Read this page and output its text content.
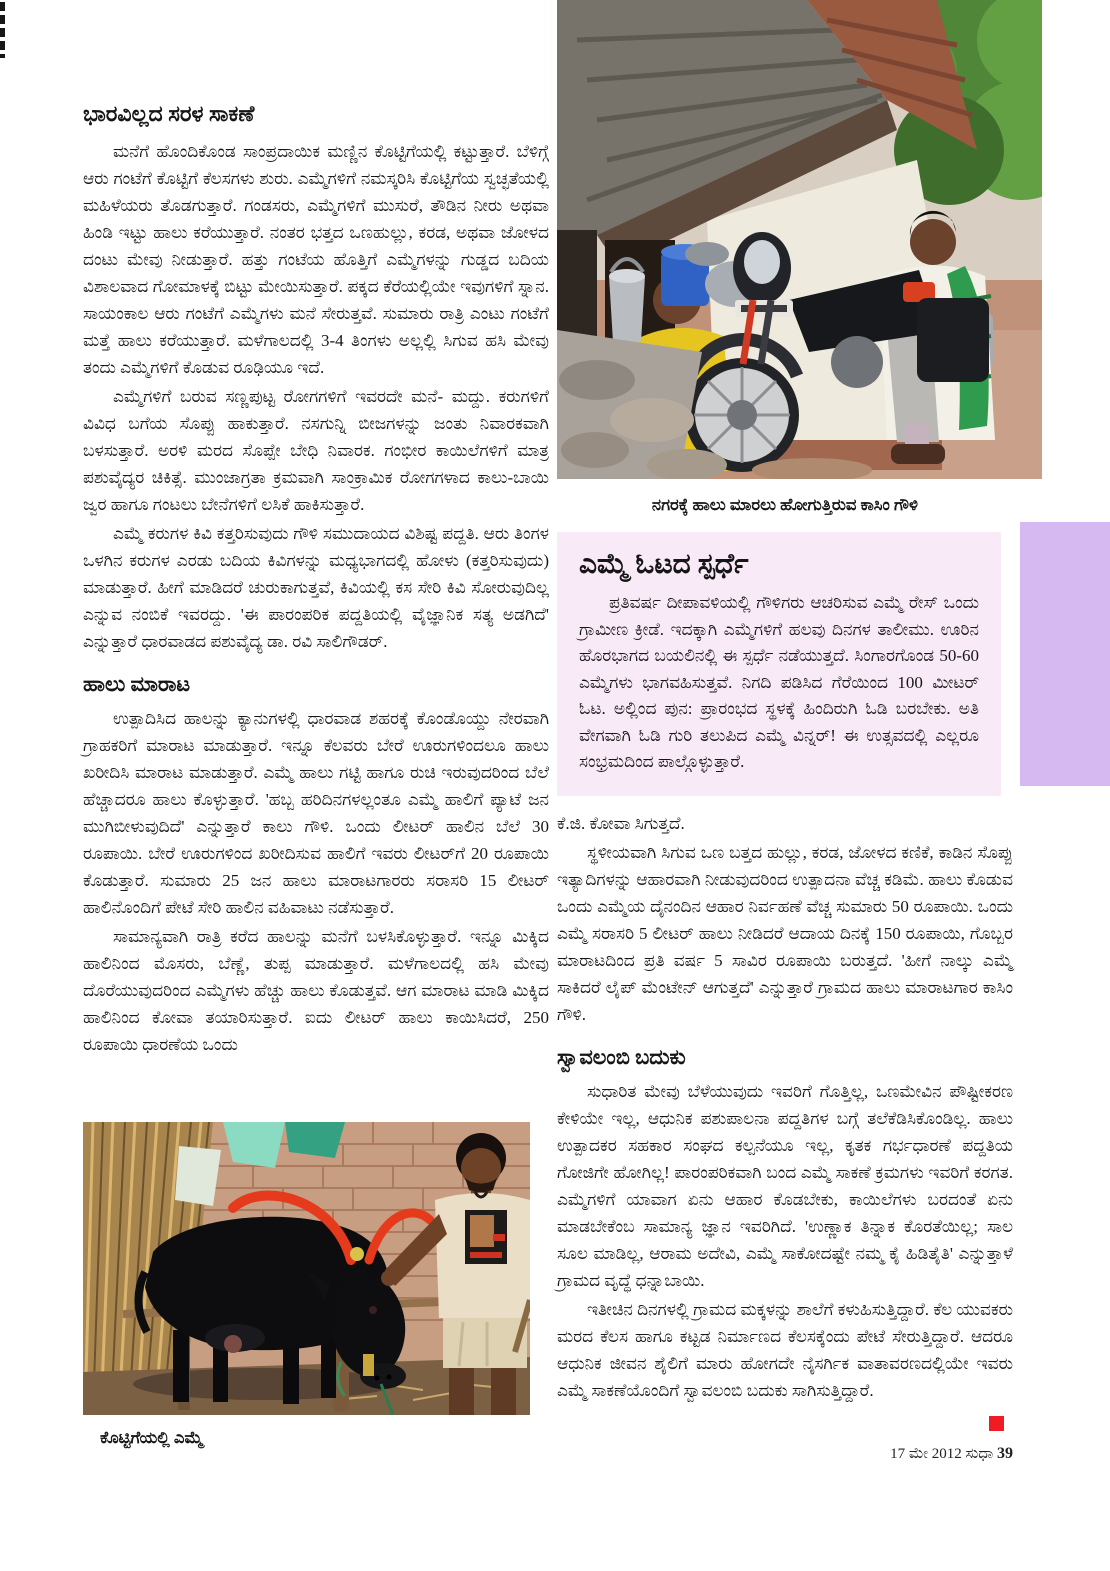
ನಗರಕ್ಕೆ ಹಾಲು ಮಾರಲು ಹೋಗುತ್ತಿರುವ ಕಾಸಿಂ ಗೌಳಿ
ಎಮ್ಮೆ ಓಟದ ಸ್ಪರ್ಧೆ

ಪ್ರತಿವರ್ಷ ದೀಪಾವಳಿಯಲ್ಲಿ ಗೌಳಿಗರು ಆಚರಿಸುವ ಎಮ್ಮೆ ರೇಸ್ ಒಂದು ಗ್ರಾಮೀಣ ಕ್ರೀಡೆ. ಇದಕ್ಕಾಗಿ ಎಮ್ಮೆಗಳಿಗೆ ಹಲವು ದಿನಗಳ ತಾಲೀಮು. ಊರಿನ ಹೊರಭಾಗದ ಬಯಲಿನಲ್ಲಿ ಈ ಸ್ಪರ್ಧೆ ನಡೆಯುತ್ತದೆ. ಸಿಂಗಾರಗೊಂಡ 50-60 ಎಮ್ಮೆಗಳು ಭಾಗವಹಿಸುತ್ತವೆ. ನಿಗದಿ ಪಡಿಸಿದ ಗೆರೆಯಿಂದ 100 ಮೀಟರ್ ಓಟ. ಅಲ್ಲಿಂದ ಪುನ: ಪ್ರಾರಂಭದ ಸ್ಥಳಕ್ಕೆ ಹಿಂದಿರುಗಿ ಓಡಿ ಬರಬೇಕು. ಅತಿ ವೇಗವಾಗಿ ಓಡಿ ಗುರಿ ತಲುಪಿದ ಎಮ್ಮೆ ವಿನ್ನರ್! ಈ ಉತ್ಸವದಲ್ಲಿ ಎಲ್ಲರೂ ಸಂಭ್ರಮದಿಂದ ಪಾಲ್ಗೊಳ್ಳುತ್ತಾರೆ.

ಕೆ.ಜಿ. ಕೋವಾ ಸಿಗುತ್ತದೆ.

ಸ್ಥಳೀಯವಾಗಿ ಸಿಗುವ ಒಣ ಬತ್ತದ ಹುಲ್ಲು, ಕರಡ, ಜೋಳದ ಕಣಿಕೆ, ಕಾಡಿನ ಸೊಪ್ಪು ಇತ್ಯಾದಿಗಳನ್ನು ಆಹಾರವಾಗಿ ನೀಡುವುದರಿಂದ ಉತ್ಪಾದನಾ ವೆಚ್ಚ ಕಡಿಮೆ. ಹಾಲು ಕೊಡುವ ಒಂದು ಎಮ್ಮೆಯ ದೈನಂದಿನ ಆಹಾರ ನಿರ್ವಹಣೆ ವೆಚ್ಚ ಸುಮಾರು 50 ರೂಪಾಯಿ. ಒಂದು ಎಮ್ಮೆ ಸರಾಸರಿ 5 ಲೀಟರ್ ಹಾಲು ನೀಡಿದರೆ ಆದಾಯ ದಿನಕ್ಕೆ 150 ರೂಪಾಯಿ, ಗೊಬ್ಬರ ಮಾರಾಟದಿಂದ ಪ್ರತಿ ವರ್ಷ 5 ಸಾವಿರ ರೂಪಾಯಿ ಬರುತ್ತದೆ. 'ಹೀಗೆ ನಾಲ್ಕು ಎಮ್ಮೆ ಸಾಕಿದರೆ ಲೈಪ್ ಮೆಂಟೇನ್ ಆಗುತ್ತದೆ' ಎನ್ನುತ್ತಾರೆ ಗ್ರಾಮದ ಹಾಲು ಮಾರಾಟಗಾರ ಕಾಸಿಂ ಗೌಳಿ.

ಸ್ವಾವಲಂಬಿ ಬದುಕು

ಸುಧಾರಿತ ಮೇವು ಬೆಳೆಯುವುದು ಇವರಿಗೆ ಗೊತ್ತಿಲ್ಲ, ಒಣಮೇವಿನ ಪೌಷ್ಟೀಕರಣ ಕೇಳಿಯೇ ಇಲ್ಲ, ಆಧುನಿಕ ಪಶುಪಾಲನಾ ಪದ್ದತಿಗಳ ಬಗ್ಗೆ ತಲೆಕೆಡಿಸಿಕೊಂಡಿಲ್ಲ. ಹಾಲು ಉತ್ಪಾದಕರ ಸಹಕಾರ ಸಂಘದ ಕಲ್ಪನೆಯೂ ಇಲ್ಲ, ಕೃತಕ ಗರ್ಭಧಾರಣೆ ಪದ್ದತಿಯ ಗೋಜಿಗೇ ಹೋಗಿಲ್ಲ! ಪಾರಂಪರಿಕವಾಗಿ ಬಂದ ಎಮ್ಮೆ ಸಾಕಣೆ ಕ್ರಮಗಳು ಇವರಿಗೆ ಕರಗತ. ಎಮ್ಮೆಗಳಿಗೆ ಯಾವಾಗ ಏನು ಆಹಾರ ಕೊಡಬೇಕು, ಕಾಯಿಲೆಗಳು ಬರದಂತೆ ಏನು ಮಾಡಬೇಕೆಂಬ ಸಾಮಾನ್ಯ ಜ್ಞಾನ ಇವರಿಗಿದೆ. 'ಉಣ್ಣಾಕ ತಿನ್ನಾಕ ಕೊರತೆಯಿಲ್ಲ; ಸಾಲ ಸೂಲ ಮಾಡಿಲ್ಲ, ಆರಾಮ ಅದೇವಿ, ಎಮ್ಮೆ ಸಾಕೋದಷ್ಟೇ ನಮ್ಮ ಕೈ ಹಿಡಿತೈತಿ' ಎನ್ನುತ್ತಾಳೆ ಗ್ರಾಮದ ವೃದ್ಧೆ ಧನ್ನಾಬಾಯಿ.

ಇತೀಚಿನ ದಿನಗಳಲ್ಲಿ ಗ್ರಾಮದ ಮಕ್ಕಳನ್ನು ಶಾಲೆಗೆ ಕಳುಹಿಸುತ್ತಿದ್ದಾರೆ. ಕೆಲ ಯುವಕರು ಮರದ ಕೆಲಸ ಹಾಗೂ ಕಟ್ಟಡ ನಿರ್ಮಾಣದ ಕೆಲಸಕ್ಕೆಂದು ಪೇಟೆ ಸೇರುತ್ತಿದ್ದಾರೆ. ಆದರೂ ಆಧುನಿಕ ಜೀವನ ಶೈಲಿಗೆ ಮಾರು ಹೋಗದೇ ನೈಸರ್ಗಿಕ ವಾತಾವರಣದಲ್ಲಿಯೇ ಇವರು ಎಮ್ಮೆ ಸಾಕಣೆಯೊಂದಿಗೆ ಸ್ವಾವಲಂಬಿ ಬದುಕು ಸಾಗಿಸುತ್ತಿದ್ದಾರೆ.

ಭಾರವಿಲ್ಲದ ಸರಳ ಸಾಕಣೆ

ಮನೆಗೆ ಹೊಂದಿಕೊಂಡ ಸಾಂಪ್ರದಾಯಿಕ ಮಣ್ಣಿನ ಕೊಟ್ಟಿಗೆಯಲ್ಲಿ ಕಟ್ಟುತ್ತಾರೆ. ಬೆಳಿಗ್ಗೆ ಆರು ಗಂಟೆಗೆ ಕೊಟ್ಟಿಗೆ ಕೆಲಸಗಳು ಶುರು. ಎಮ್ಮೆಗಳಿಗೆ ನಮಸ್ಕರಿಸಿ ಕೊಟ್ಟಿಗೆಯ ಸ್ವಚ್ಛತೆಯಲ್ಲಿ ಮಹಿಳೆಯರು ತೊಡಗುತ್ತಾರೆ. ಗಂಡಸರು, ಎಮ್ಮೆಗಳಿಗೆ ಮುಸುರೆ, ತೌಡಿನ ನೀರು ಅಥವಾ ಹಿಂಡಿ ಇಟ್ಟು ಹಾಲು ಕರೆಯುತ್ತಾರೆ. ನಂತರ ಭತ್ತದ ಒಣಹುಲ್ಲು, ಕರಡ, ಅಥವಾ ಜೋಳದ ದಂಟು ಮೇವು ನೀಡುತ್ತಾರೆ. ಹತ್ತು ಗಂಟೆಯ ಹೊತ್ತಿಗೆ ಎಮ್ಮೆಗಳನ್ನು ಗುಡ್ಡದ ಬದಿಯ ವಿಶಾಲವಾದ ಗೋಮಾಳಕ್ಕೆ ಬಿಟ್ಟು ಮೇಯಿಸುತ್ತಾರೆ. ಪಕ್ಕದ ಕೆರೆಯಲ್ಲಿಯೇ ಇವುಗಳಿಗೆ ಸ್ನಾನ. ಸಾಯಂಕಾಲ ಆರು ಗಂಟೆಗೆ ಎಮ್ಮೆಗಳು ಮನೆ ಸೇರುತ್ತವೆ. ಸುಮಾರು ರಾತ್ರಿ ಎಂಟು ಗಂಟೆಗೆ ಮತ್ತೆ ಹಾಲು ಕರೆಯುತ್ತಾರೆ. ಮಳೆಗಾಲದಲ್ಲಿ 3-4 ತಿಂಗಳು ಅಲ್ಲಲ್ಲಿ ಸಿಗುವ ಹಸಿ ಮೇವು ತಂದು ಎಮ್ಮೆಗಳಿಗೆ ಕೊಡುವ ರೂಢಿಯೂ ಇದೆ.

ಎಮ್ಮೆಗಳಿಗೆ ಬರುವ ಸಣ್ಣಪುಟ್ಟ ರೋಗಗಳಿಗೆ ಇವರದೇ ಮನೆ- ಮದ್ದು. ಕರುಗಳಿಗೆ ವಿವಿಧ ಬಗೆಯ ಸೊಪ್ಪು ಹಾಕುತ್ತಾರೆ. ನಸಗುನ್ನಿ ಬೀಜಗಳನ್ನು ಜಂತು ನಿವಾರಕವಾಗಿ ಬಳಸುತ್ತಾರೆ. ಅರಳಿ ಮರದ ಸೊಪ್ಪೇ ಬೇಧಿ ನಿವಾರಕ. ಗಂಭೀರ ಕಾಯಿಲೆಗಳಿಗೆ ಮಾತ್ರ ಪಶುವೈದ್ಯರ ಚಿಕಿತ್ಸೆ. ಮುಂಜಾಗ್ರತಾ ಕ್ರಮವಾಗಿ ಸಾಂಕ್ರಾಮಿಕ ರೋಗಗಳಾದ ಕಾಲು-ಬಾಯಿ ಜ್ವರ ಹಾಗೂ ಗಂಟಲು ಬೇನೆಗಳಿಗೆ ಲಸಿಕೆ ಹಾಕಿಸುತ್ತಾರೆ.

ಎಮ್ಮೆ ಕರುಗಳ ಕಿವಿ ಕತ್ತರಿಸುವುದು ಗೌಳಿ ಸಮುದಾಯದ ವಿಶಿಷ್ಟ ಪದ್ದತಿ. ಆರು ತಿಂಗಳ ಒಳಗಿನ ಕರುಗಳ ಎರಡು ಬದಿಯ ಕಿವಿಗಳನ್ನು ಮಧ್ಯಭಾಗದಲ್ಲಿ ಹೋಳು (ಕತ್ತರಿಸುವುದು) ಮಾಡುತ್ತಾರೆ. ಹೀಗೆ ಮಾಡಿದರೆ ಚುರುಕಾಗುತ್ತವೆ, ಕಿವಿಯಲ್ಲಿ ಕಸ ಸೇರಿ ಕಿವಿ ಸೋರುವುದಿಲ್ಲ ಎನ್ನುವ ನಂಬಿಕೆ ಇವರದ್ದು. 'ಈ ಪಾರಂಪರಿಕ ಪದ್ದತಿಯಲ್ಲಿ ವೈಜ್ಞಾನಿಕ ಸತ್ಯ ಅಡಗಿದೆ' ಎನ್ನುತ್ತಾರೆ ಧಾರವಾಡದ ಪಶುವೈದ್ಯ ಡಾ. ರವಿ ಸಾಲಿಗೌಡರ್.

ಹಾಲು ಮಾರಾಟ

ಉತ್ಪಾದಿಸಿದ ಹಾಲನ್ನು ಕ್ಯಾನುಗಳಲ್ಲಿ ಧಾರವಾಡ ಶಹರಕ್ಕೆ ಕೊಂಡೊಯ್ದು ನೇರವಾಗಿ ಗ್ರಾಹಕರಿಗೆ ಮಾರಾಟ ಮಾಡುತ್ತಾರೆ. ಇನ್ನೂ ಕೆಲವರು ಬೇರೆ ಊರುಗಳಿಂದಲೂ ಹಾಲು ಖರೀದಿಸಿ ಮಾರಾಟ ಮಾಡುತ್ತಾರೆ. ಎಮ್ಮೆ ಹಾಲು ಗಟ್ಟಿ ಹಾಗೂ ರುಚಿ ಇರುವುದರಿಂದ ಬೆಲೆ ಹೆಚ್ಚಾದರೂ ಹಾಲು ಕೊಳ್ಳುತ್ತಾರೆ. 'ಹಬ್ಬ ಹರಿದಿನಗಳಲ್ಲಂತೂ ಎಮ್ಮೆ ಹಾಲಿಗೆ ಪ್ಯಾಟೆ ಜನ ಮುಗಿಬೀಳುವುದಿದೆ' ಎನ್ನುತ್ತಾರೆ ಕಾಲು ಗೌಳಿ. ಒಂದು ಲೀಟರ್ ಹಾಲಿನ ಬೆಲೆ 30 ರೂಪಾಯಿ. ಬೇರೆ ಊರುಗಳಿಂದ ಖರೀದಿಸುವ ಹಾಲಿಗೆ ಇವರು ಲೀಟರ್‌ಗೆ 20 ರೂಪಾಯಿ ಕೊಡುತ್ತಾರೆ. ಸುಮಾರು 25 ಜನ ಹಾಲು ಮಾರಾಟಗಾರರು ಸರಾಸರಿ 15 ಲೀಟರ್ ಹಾಲಿನೊಂದಿಗೆ ಪೇಟೆ ಸೇರಿ ಹಾಲಿನ ವಹಿವಾಟು ನಡೆಸುತ್ತಾರೆ.

ಸಾಮಾನ್ಯವಾಗಿ ರಾತ್ರಿ ಕರೆದ ಹಾಲನ್ನು ಮನೆಗೆ ಬಳಸಿಕೊಳ್ಳುತ್ತಾರೆ. ಇನ್ನೂ ಮಿಕ್ಕಿದ ಹಾಲಿನಿಂದ ಮೊಸರು, ಬೆಣ್ಣೆ, ತುಪ್ಪ ಮಾಡುತ್ತಾರೆ. ಮಳೆಗಾಲದಲ್ಲಿ ಹಸಿ ಮೇವು ದೊರೆಯುವುದರಿಂದ ಎಮ್ಮೆಗಳು ಹೆಚ್ಚು ಹಾಲು ಕೊಡುತ್ತವೆ. ಆಗ ಮಾರಾಟ ಮಾಡಿ ಮಿಕ್ಕಿದ ಹಾಲಿನಿಂದ ಕೋವಾ ತಯಾರಿಸುತ್ತಾರೆ. ಐದು ಲೀಟರ್ ಹಾಲು ಕಾಯಿಸಿದರೆ, 250 ರೂಪಾಯಿ ಧಾರಣೆಯ ಒಂದು

ಕೊಟ್ಟಿಗೆಯಲ್ಲಿ ಎಮ್ಮೆ
17 ಮೇ 2012 ಸುಧಾ 39
